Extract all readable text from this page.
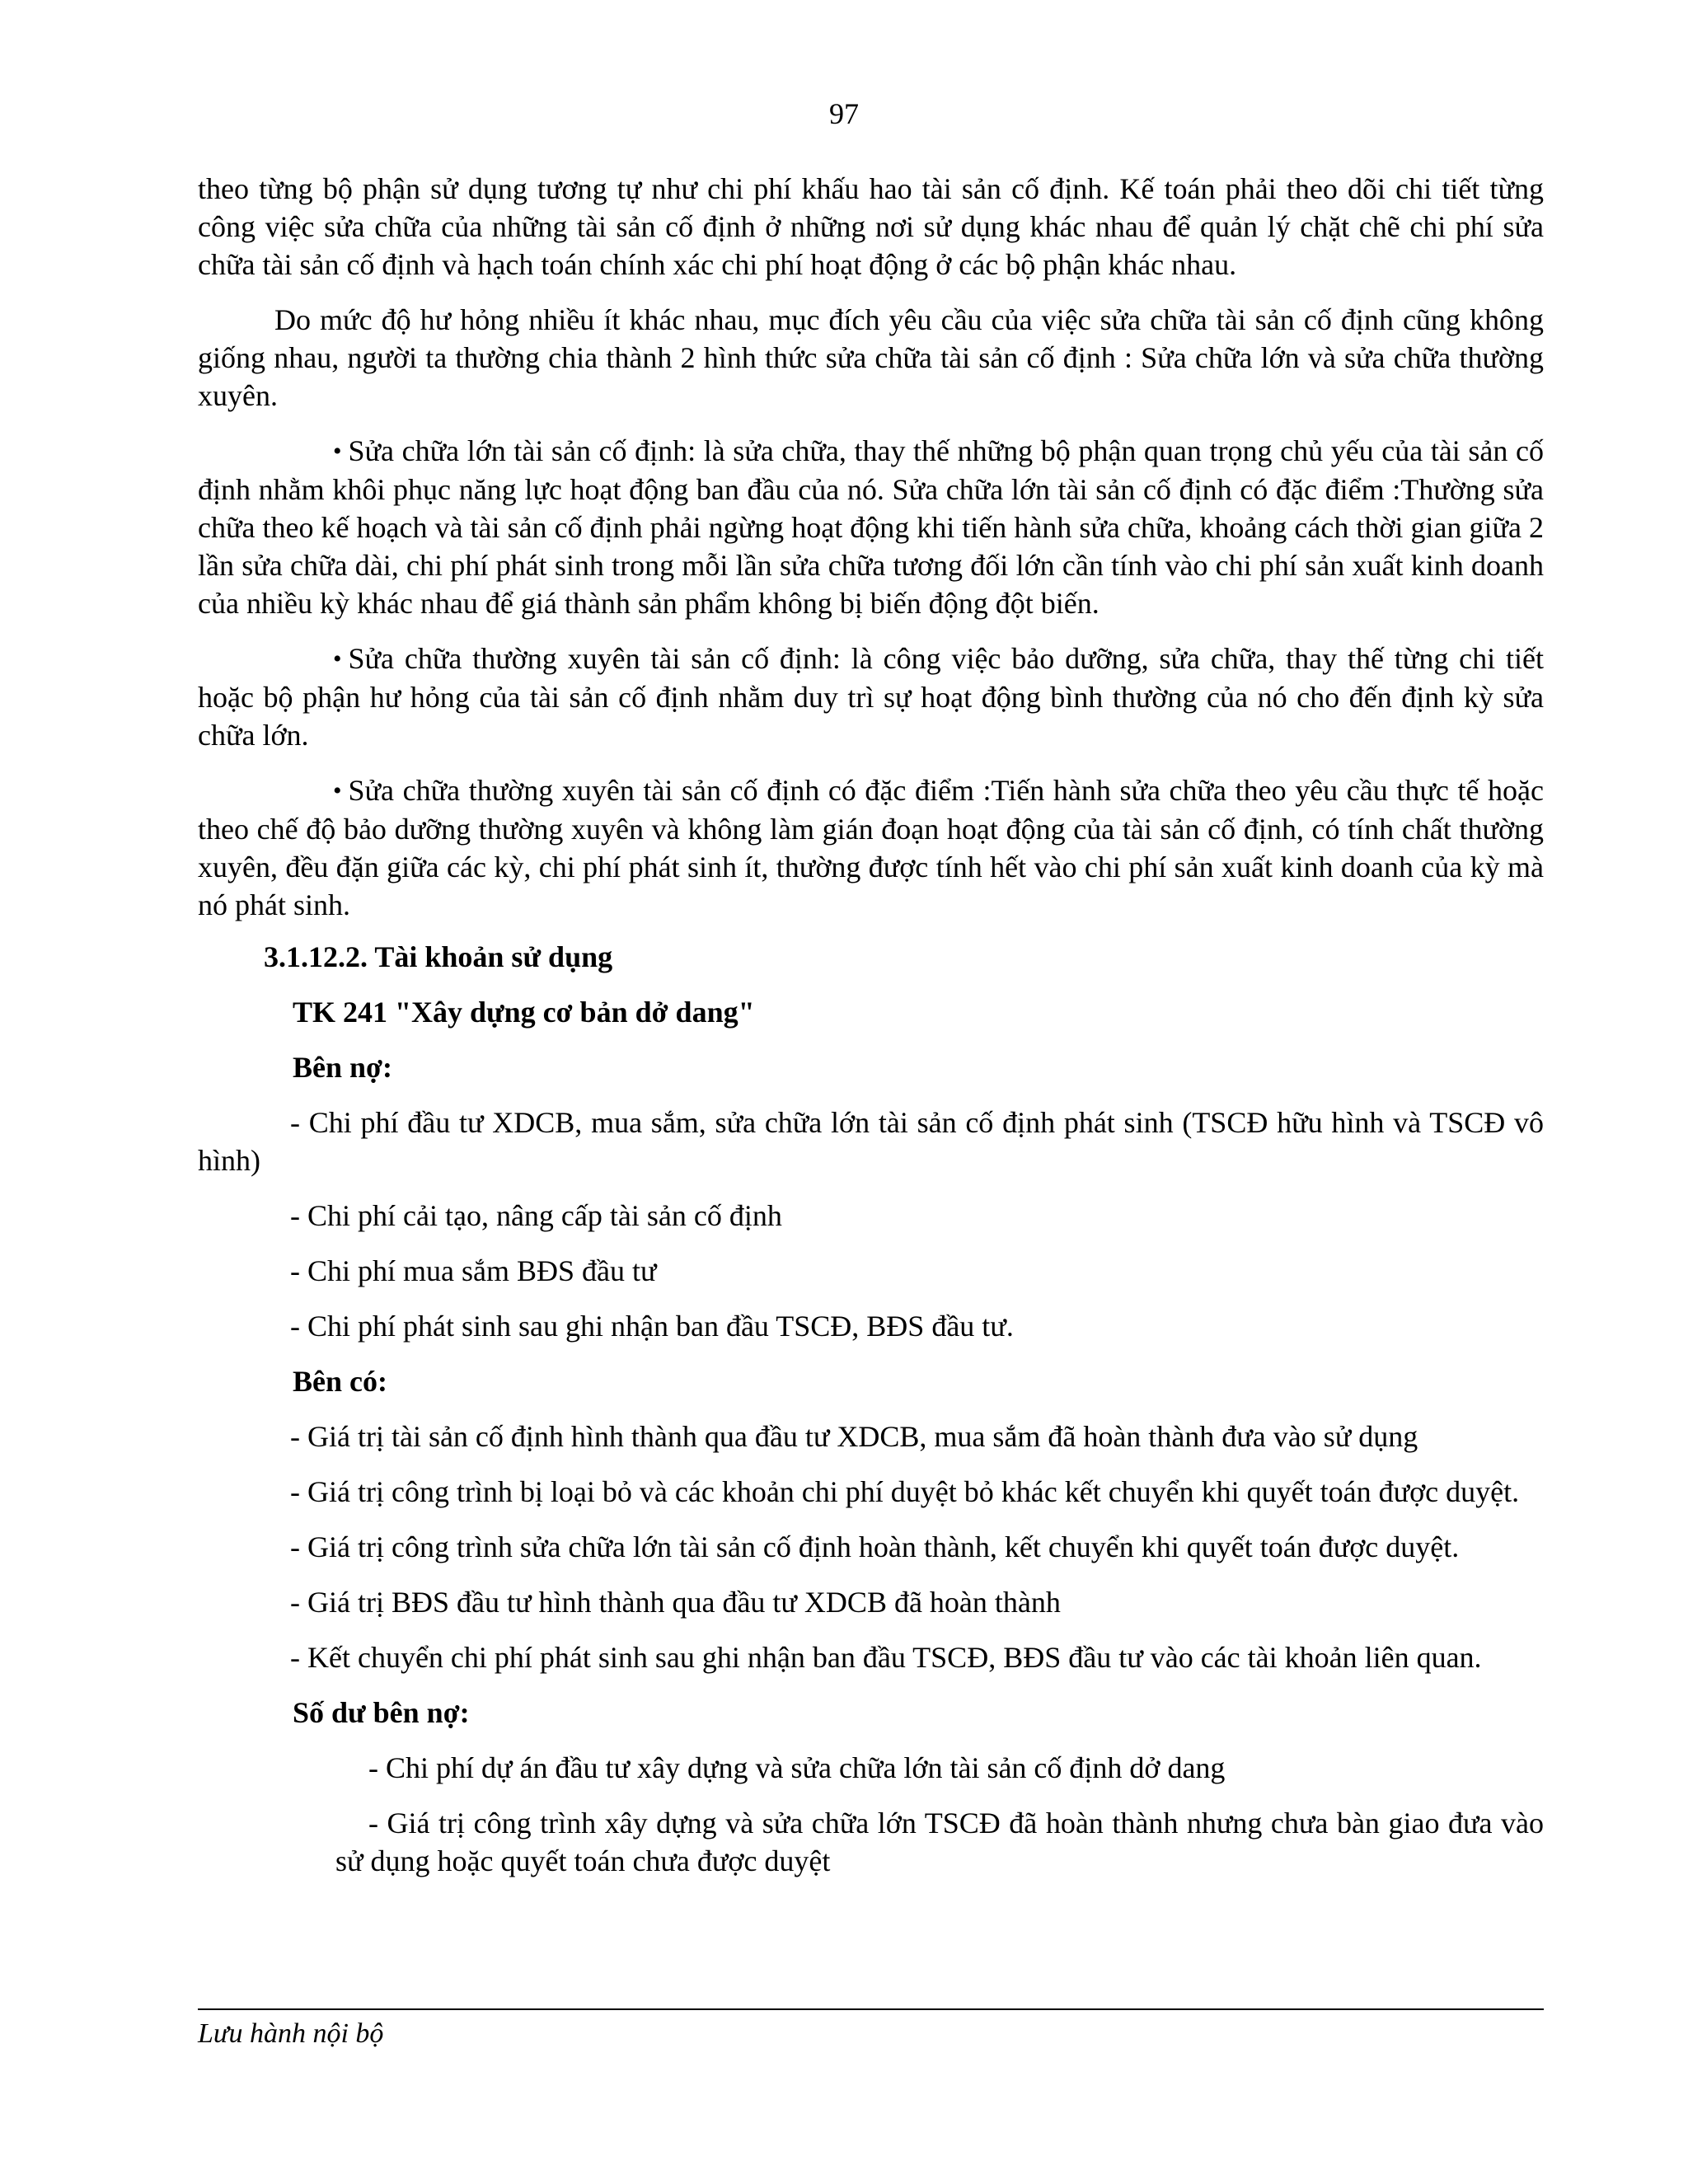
97

theo từng bộ phận sử dụng tương tự như chi phí khấu hao tài sản cố định. Kế toán phải theo dõi chi tiết từng công việc sửa chữa của những tài sản cố định ở những nơi sử dụng khác nhau để quản lý chặt chẽ chi phí sửa chữa tài sản cố định và hạch toán chính xác chi phí hoạt động ở các bộ phận khác nhau.

Do mức độ hư hỏng nhiều ít khác nhau, mục đích yêu cầu của việc sửa chữa tài sản cố định cũng không giống nhau, người ta thường chia thành 2 hình thức sửa chữa tài sản cố định : Sửa chữa lớn và sửa chữa thường xuyên.

• Sửa chữa lớn tài sản cố định: là sửa chữa, thay thế những bộ phận quan trọng chủ yếu của tài sản cố định nhằm khôi phục năng lực hoạt động ban đầu của nó. Sửa chữa lớn tài sản cố định có đặc điểm :Thường sửa chữa theo kế hoạch và tài sản cố định phải ngừng hoạt động khi tiến hành sửa chữa, khoảng cách thời gian giữa 2 lần sửa chữa dài, chi phí phát sinh trong mỗi lần sửa chữa tương đối lớn cần tính vào chi phí sản xuất kinh doanh của nhiều kỳ khác nhau để giá thành sản phẩm không bị biến động đột biến.

• Sửa chữa thường xuyên tài sản cố định: là công việc bảo dưỡng, sửa chữa, thay thế từng chi tiết hoặc bộ phận hư hỏng của tài sản cố định nhằm duy trì sự hoạt động bình thường của nó cho đến định kỳ sửa chữa lớn.

• Sửa chữa thường xuyên tài sản cố định có đặc điểm :Tiến hành sửa chữa theo yêu cầu thực tế hoặc theo chế độ bảo dưỡng thường xuyên và không làm gián đoạn hoạt động của tài sản cố định, có tính chất thường xuyên, đều đặn giữa các kỳ, chi phí phát sinh ít, thường được tính hết vào chi phí sản xuất kinh doanh của kỳ mà nó phát sinh.

3.1.12.2. Tài khoản sử dụng

TK 241 "Xây dựng cơ bản dở dang"

Bên nợ:

- Chi phí đầu tư XDCB, mua sắm, sửa chữa lớn tài sản cố định phát sinh (TSCĐ hữu hình và TSCĐ vô hình)

- Chi phí cải tạo, nâng cấp tài sản cố định

- Chi phí mua sắm BĐS đầu tư

- Chi phí phát sinh sau ghi nhận ban đầu TSCĐ, BĐS đầu tư.

Bên có:

- Giá trị tài sản cố định hình thành qua đầu tư XDCB, mua sắm đã hoàn thành đưa vào sử dụng

- Giá trị công trình bị loại bỏ và các khoản chi phí duyệt bỏ khác kết chuyển khi quyết toán được duyệt.

- Giá trị công trình sửa chữa lớn tài sản cố định hoàn thành, kết chuyển khi quyết toán được duyệt.

- Giá trị BĐS đầu tư hình thành qua đầu tư XDCB đã hoàn thành

- Kết chuyển chi phí phát sinh sau ghi nhận ban đầu TSCĐ, BĐS đầu tư vào các tài khoản liên quan.

Số dư bên nợ:

- Chi phí dự án đầu tư xây dựng và sửa chữa lớn tài sản cố định dở dang

- Giá trị công trình xây dựng và sửa chữa lớn TSCĐ đã hoàn thành nhưng chưa bàn giao đưa vào sử dụng hoặc quyết toán chưa được duyệt

Lưu hành nội bộ
